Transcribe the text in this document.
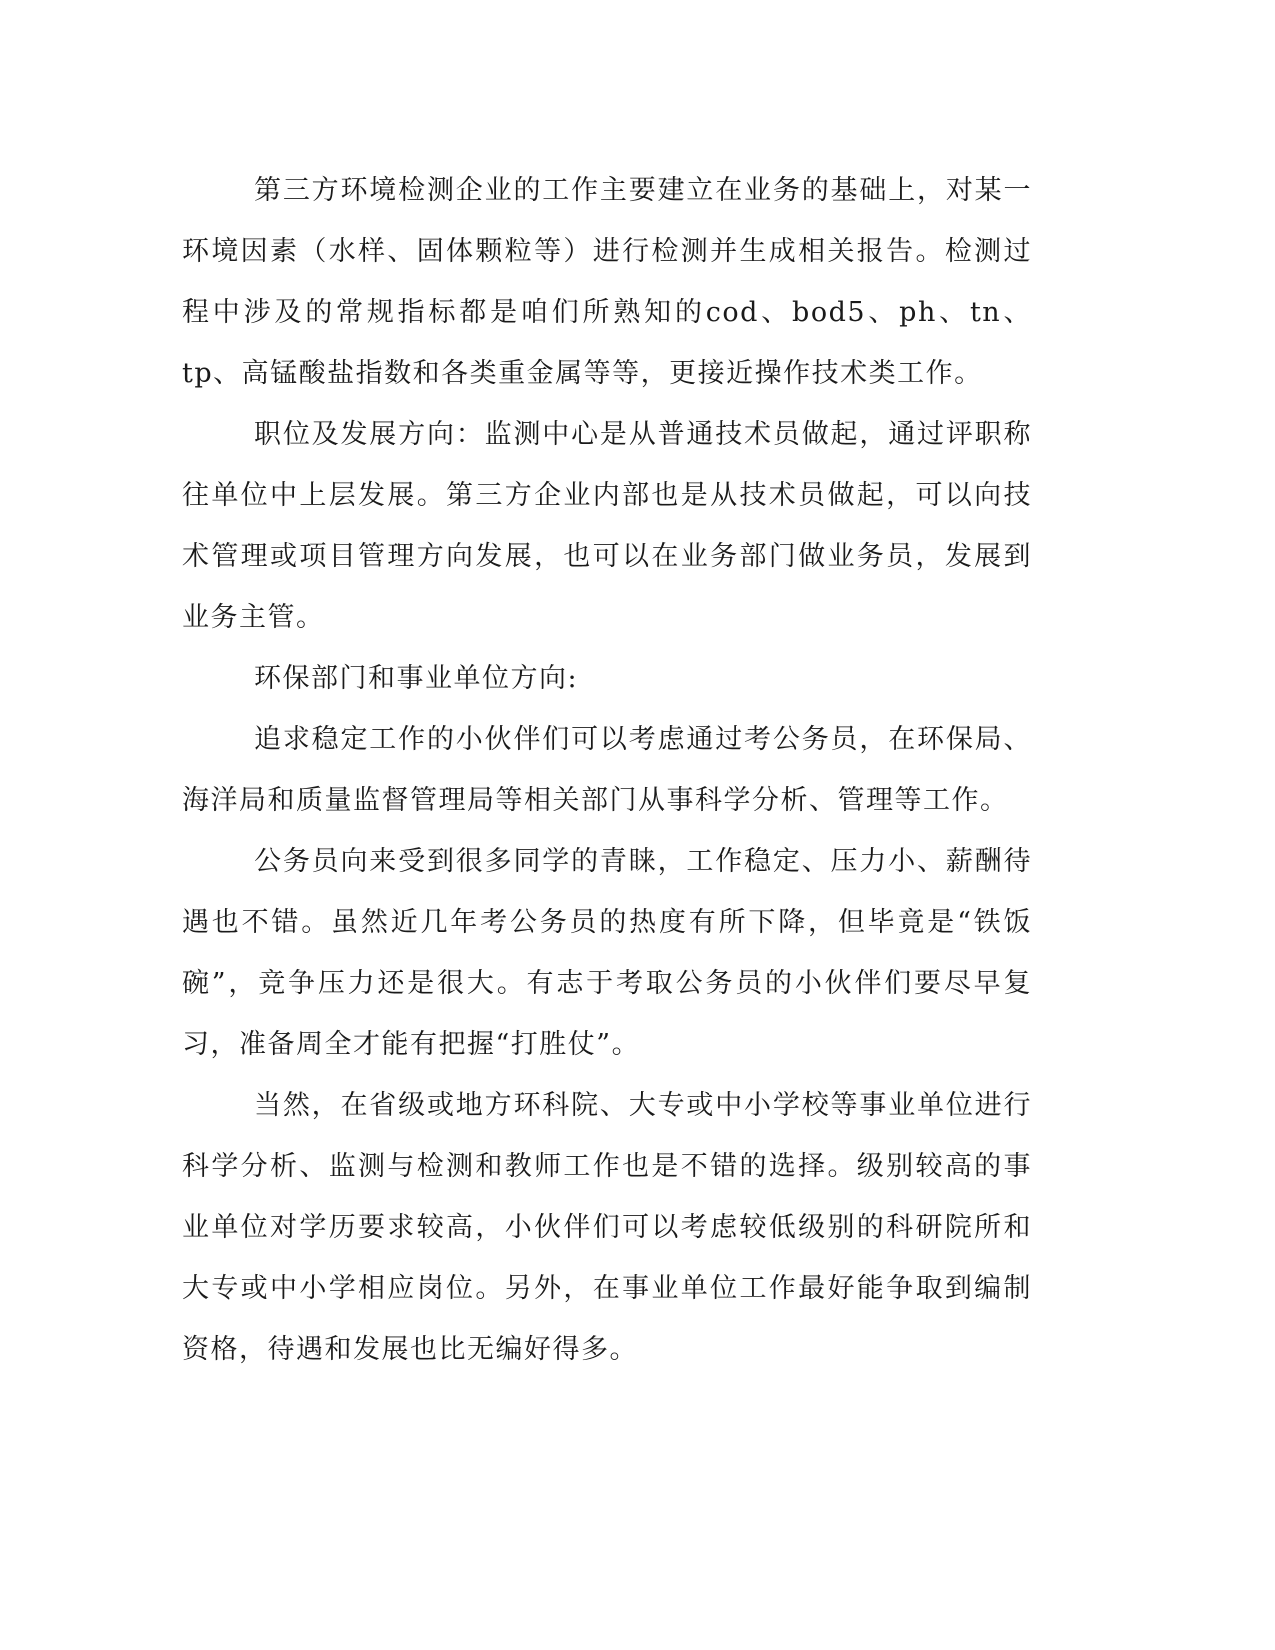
第三方环境检测企业的工作主要建立在业务的基础上，对某一环境因素（水样、固体颗粒等）进行检测并生成相关报告。检测过程中涉及的常规指标都是咱们所熟知的cod、bod5、ph、tn、tp、高锰酸盐指数和各类重金属等等，更接近操作技术类工作。

职位及发展方向：监测中心是从普通技术员做起，通过评职称往单位中上层发展。第三方企业内部也是从技术员做起，可以向技术管理或项目管理方向发展，也可以在业务部门做业务员，发展到业务主管。

环保部门和事业单位方向:

追求稳定工作的小伙伴们可以考虑通过考公务员，在环保局、海洋局和质量监督管理局等相关部门从事科学分析、管理等工作。

公务员向来受到很多同学的青睐，工作稳定、压力小、薪酬待遇也不错。虽然近几年考公务员的热度有所下降，但毕竟是“铁饭碗”，竞争压力还是很大。有志于考取公务员的小伙伴们要尽早复习，准备周全才能有把握“打胜仗”。

当然，在省级或地方环科院、大专或中小学校等事业单位进行科学分析、监测与检测和教师工作也是不错的选择。级别较高的事业单位对学历要求较高，小伙伴们可以考虑较低级别的科研院所和大专或中小学相应岗位。另外，在事业单位工作最好能争取到编制资格，待遇和发展也比无编好得多。
